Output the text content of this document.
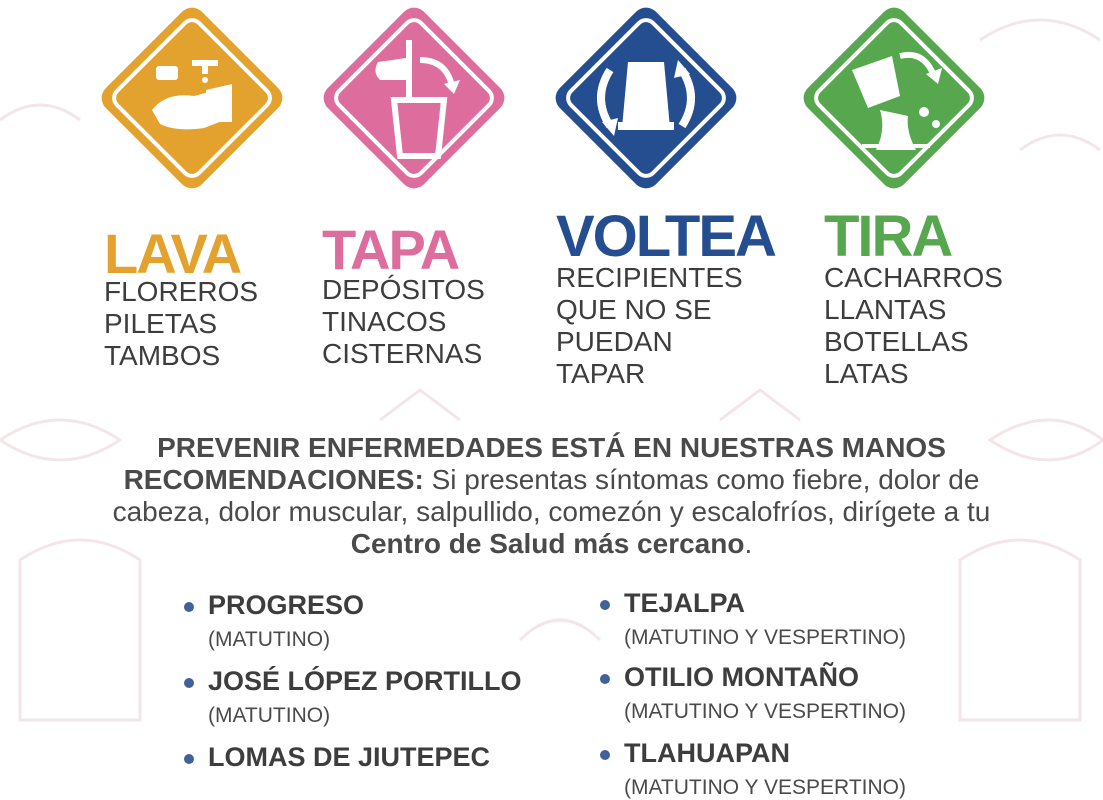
LAVA TAPA VOLTEA TIRA
FLOREROS
PILETAS
TAMBOS
DEPÓSITOS
TINACOS
CISTERNAS
RECIPIENTES
QUE NO SE
PUEDAN
TAPAR
CACHARROS
LLANTAS
BOTELLAS
LATAS
PREVENIR ENFERMEDADES ESTÁ EN NUESTRAS MANOS
RECOMENDACIONES: Si presentas síntomas como fiebre, dolor de cabeza, dolor muscular, salpullido, comezón y escalofríos, dirígete a tu Centro de Salud más cercano.
PROGRESO
(MATUTINO)
JOSÉ LÓPEZ PORTILLO
(MATUTINO)
LOMAS DE JIUTEPEC
TEJALPA
(MATUTINO Y VESPERTINO)
OTILIO MONTAÑO
(MATUTINO Y VESPERTINO)
TLAHUAPAN
(MATUTINO Y VESPERTINO)
